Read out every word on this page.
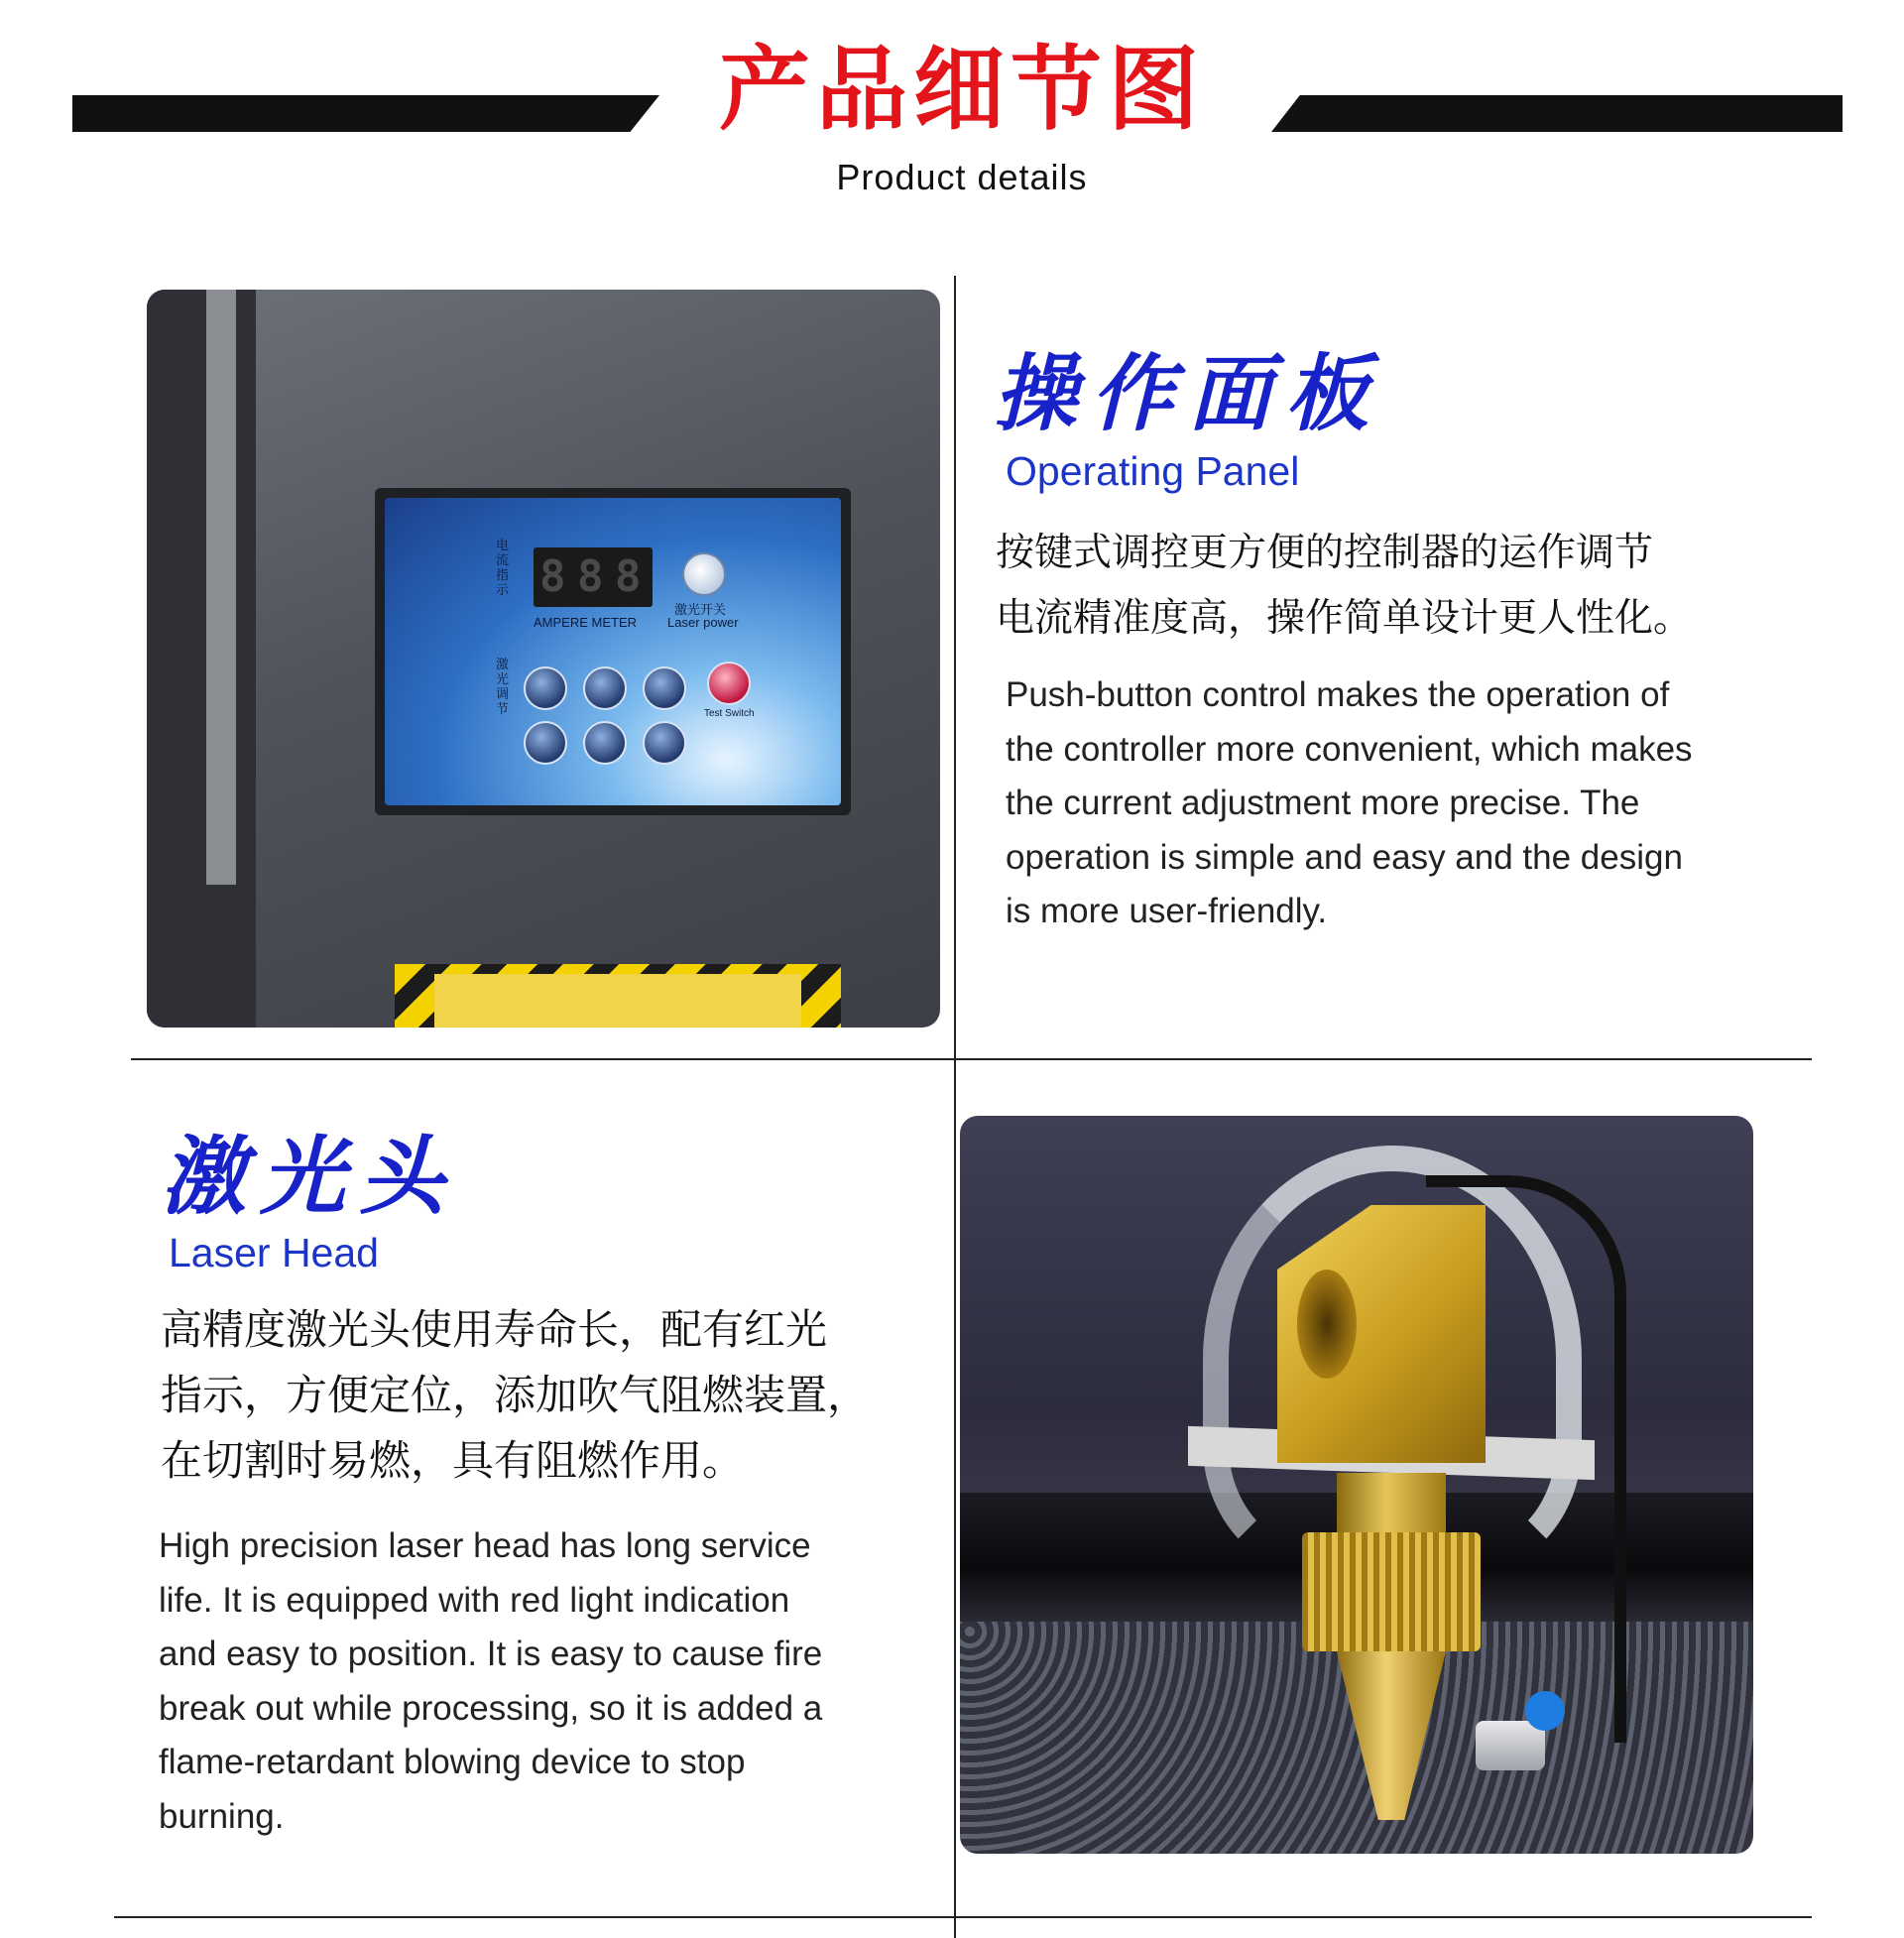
产品细节图
Product details
电流指示 8 8 8
AMPERE METER
激光开关
Laser power
激光调节	Test Switch
操作面板
Operating Panel
按键式调控更方便的控制器的运作调节
电流精准度高，操作简单设计更人性化。
Push-button control makes the operation of
the controller more convenient, which makes
the current adjustment more precise. The
operation is simple and easy and the design
is more user-friendly.
激光头
Laser Head
高精度激光头使用寿命长，配有红光
指示，方便定位，添加吹气阻燃装置，
在切割时易燃，具有阻燃作用。
High precision laser head has long service
life. It is equipped with red light indication
and easy to position. It is easy to cause fire
break out while processing, so it is added a
flame-retardant blowing device to stop
burning.
